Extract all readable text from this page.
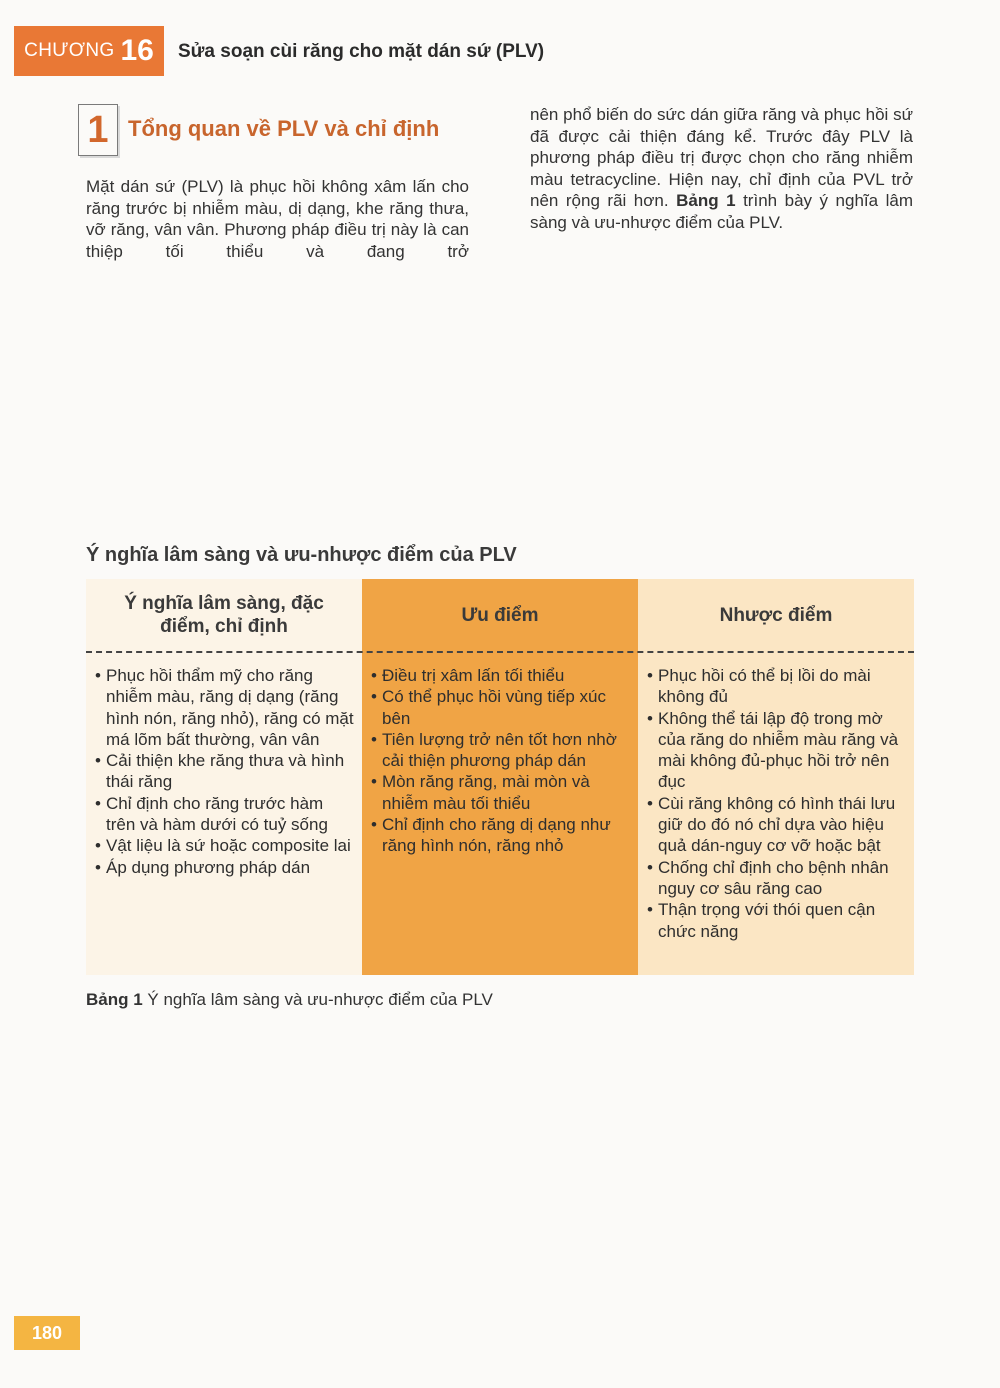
CHƯƠNG 16 Sửa soạn cùi răng cho mặt dán sứ (PLV)
1 Tổng quan về PLV và chỉ định

Mặt dán sứ (PLV) là phục hồi không xâm lấn cho răng trước bị nhiễm màu, dị dạng, khe răng thưa, vỡ răng, vân vân. Phương pháp điều trị này là can thiệp tối thiểu và đang trở

nên phổ biến do sức dán giữa răng và phục hồi sứ đã được cải thiện đáng kể. Trước đây PLV là phương pháp điều trị được chọn cho răng nhiễm màu tetracycline. Hiện nay, chỉ định của PVL trở nên rộng rãi hơn. Bảng 1 trình bày ý nghĩa lâm sàng và ưu-nhược điểm của PLV.

Ý nghĩa lâm sàng và ưu-nhược điểm của PLV
Ý nghĩa lâm sàng, đặc điểm, chỉ định
• Phục hồi thẩm mỹ cho răng nhiễm màu, răng dị dạng (răng hình nón, răng nhỏ), răng có mặt má lõm bất thường, vân vân
• Cải thiện khe răng thưa và hình thái răng
• Chỉ định cho răng trước hàm trên và hàm dưới có tuỷ sống
• Vật liệu là sứ hoặc composite lai
• Áp dụng phương pháp dán
Ưu điểm
• Điều trị xâm lấn tối thiểu
• Có thể phục hồi vùng tiếp xúc bên
• Tiên lượng trở nên tốt hơn nhờ cải thiện phương pháp dán
• Mòn răng răng, mài mòn và nhiễm màu tối thiểu
• Chỉ định cho răng dị dạng như răng hình nón, răng nhỏ
Nhược điểm
• Phục hồi có thể bị lồi do mài không đủ
• Không thể tái lập độ trong mờ của răng do nhiễm màu răng và mài không đủ-phục hồi trở nên đục
• Cùi răng không có hình thái lưu giữ do đó nó chỉ dựa vào hiệu quả dán-nguy cơ vỡ hoặc bật
• Chống chỉ định cho bệnh nhân nguy cơ sâu răng cao
• Thận trọng với thói quen cận chức năng
Bảng 1 Ý nghĩa lâm sàng và ưu-nhược điểm của PLV
180
